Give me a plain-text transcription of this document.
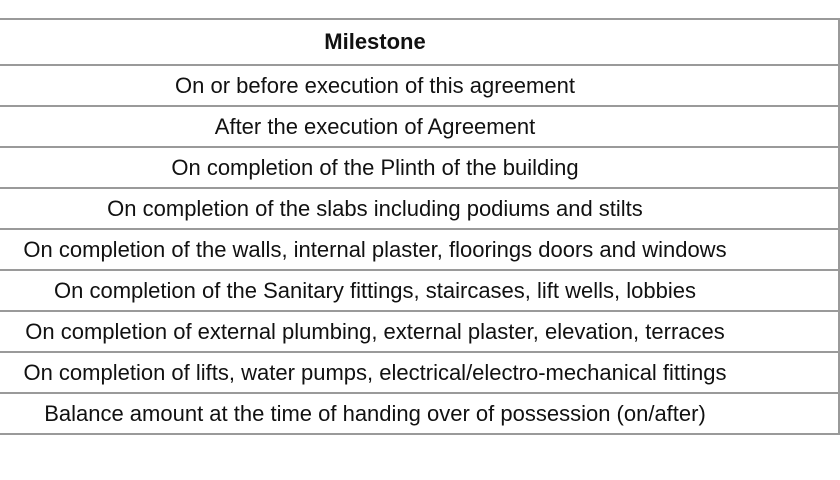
Milestone
On or before execution of this agreement
After the execution of Agreement
On completion of the Plinth of the building
On completion of the slabs including podiums and stilts
On completion of the walls, internal plaster, floorings doors and windows
On completion of the Sanitary fittings, staircases, lift wells, lobbies
On completion of external plumbing, external plaster, elevation, terraces
On completion of lifts, water pumps, electrical/electro-mechanical fittings
Balance amount at the time of handing over of possession (on/after)
